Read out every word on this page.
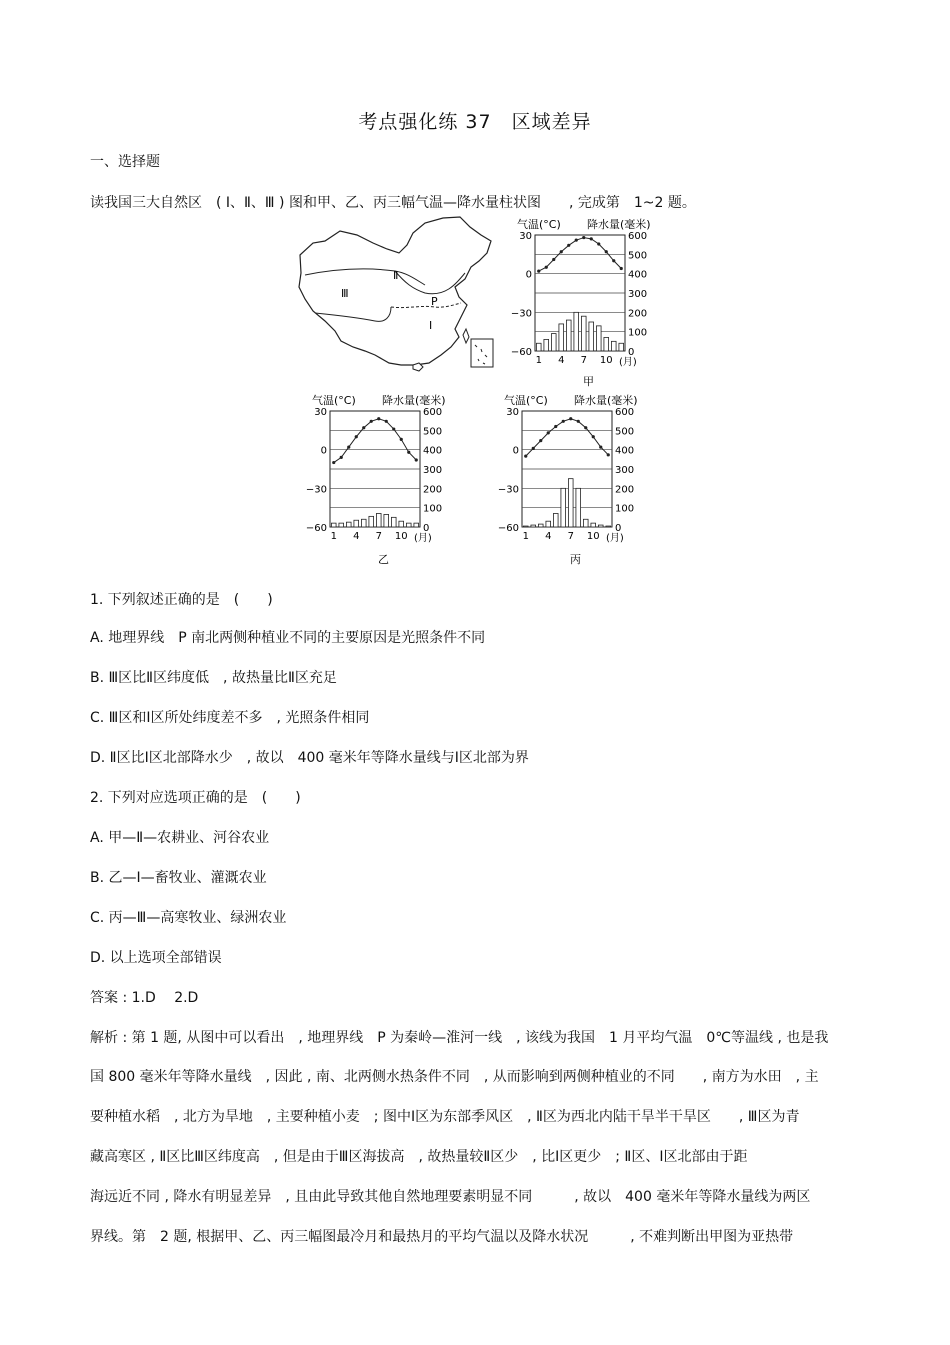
考点强化练 37　区域差异
一、选择题
读我国三大自然区　( Ⅰ、Ⅱ、Ⅲ ) 图和甲、乙、丙三幅气温—降水量柱状图　　, 完成第　1~2 题。
Ⅲ
Ⅱ
Ⅰ
P
气温(°C) 降水量(毫米)
30
0
−30
−60
600
500
400
300
200
100
0
1 4 7 10 (月)
甲
气温(°C) 降水量(毫米)
30
0
−30
−60
600
500
400
300
200
100
0
1 4 7 10 (月)
乙
气温(°C) 降水量(毫米)
30
0
−30
−60
600
500
400
300
200
100
0
1 4 7 10 (月)
丙
1. 下列叙述正确的是　(　　)
A. 地理界线　P 南北两侧种植业不同的主要原因是光照条件不同
B. Ⅲ区比Ⅱ区纬度低　, 故热量比Ⅱ区充足
C. Ⅲ区和Ⅰ区所处纬度差不多　, 光照条件相同
D. Ⅱ区比Ⅰ区北部降水少　, 故以　400 毫米年等降水量线与Ⅰ区北部为界
2. 下列对应选项正确的是　(　　)
A. 甲—Ⅱ—农耕业、河谷农业
B. 乙—Ⅰ—畜牧业、灌溉农业
C. 丙—Ⅲ—高寒牧业、绿洲农业
D. 以上选项全部错误
答案 : 1.D　 2.D
解析 : 第 1 题, 从图中可以看出　, 地理界线　P 为秦岭—淮河一线　, 该线为我国　1 月平均气温　0℃等温线 , 也是我
国 800 毫米年等降水量线　, 因此 , 南、北两侧水热条件不同　, 从而影响到两侧种植业的不同　　, 南方为水田　, 主
要种植水稻　, 北方为旱地　, 主要种植小麦　; 图中Ⅰ区为东部季风区　, Ⅱ区为西北内陆干旱半干旱区　　, Ⅲ区为青
藏高寒区 , Ⅱ区比Ⅲ区纬度高　, 但是由于Ⅲ区海拔高　, 故热量较Ⅱ区少　, 比Ⅰ区更少　; Ⅱ区、Ⅰ区北部由于距
海远近不同 , 降水有明显差异　, 且由此导致其他自然地理要素明显不同　　　, 故以　400 毫米年等降水量线为两区
界线。第　2 题, 根据甲、乙、丙三幅图最冷月和最热月的平均气温以及降水状况　　　, 不难判断出甲图为亚热带
